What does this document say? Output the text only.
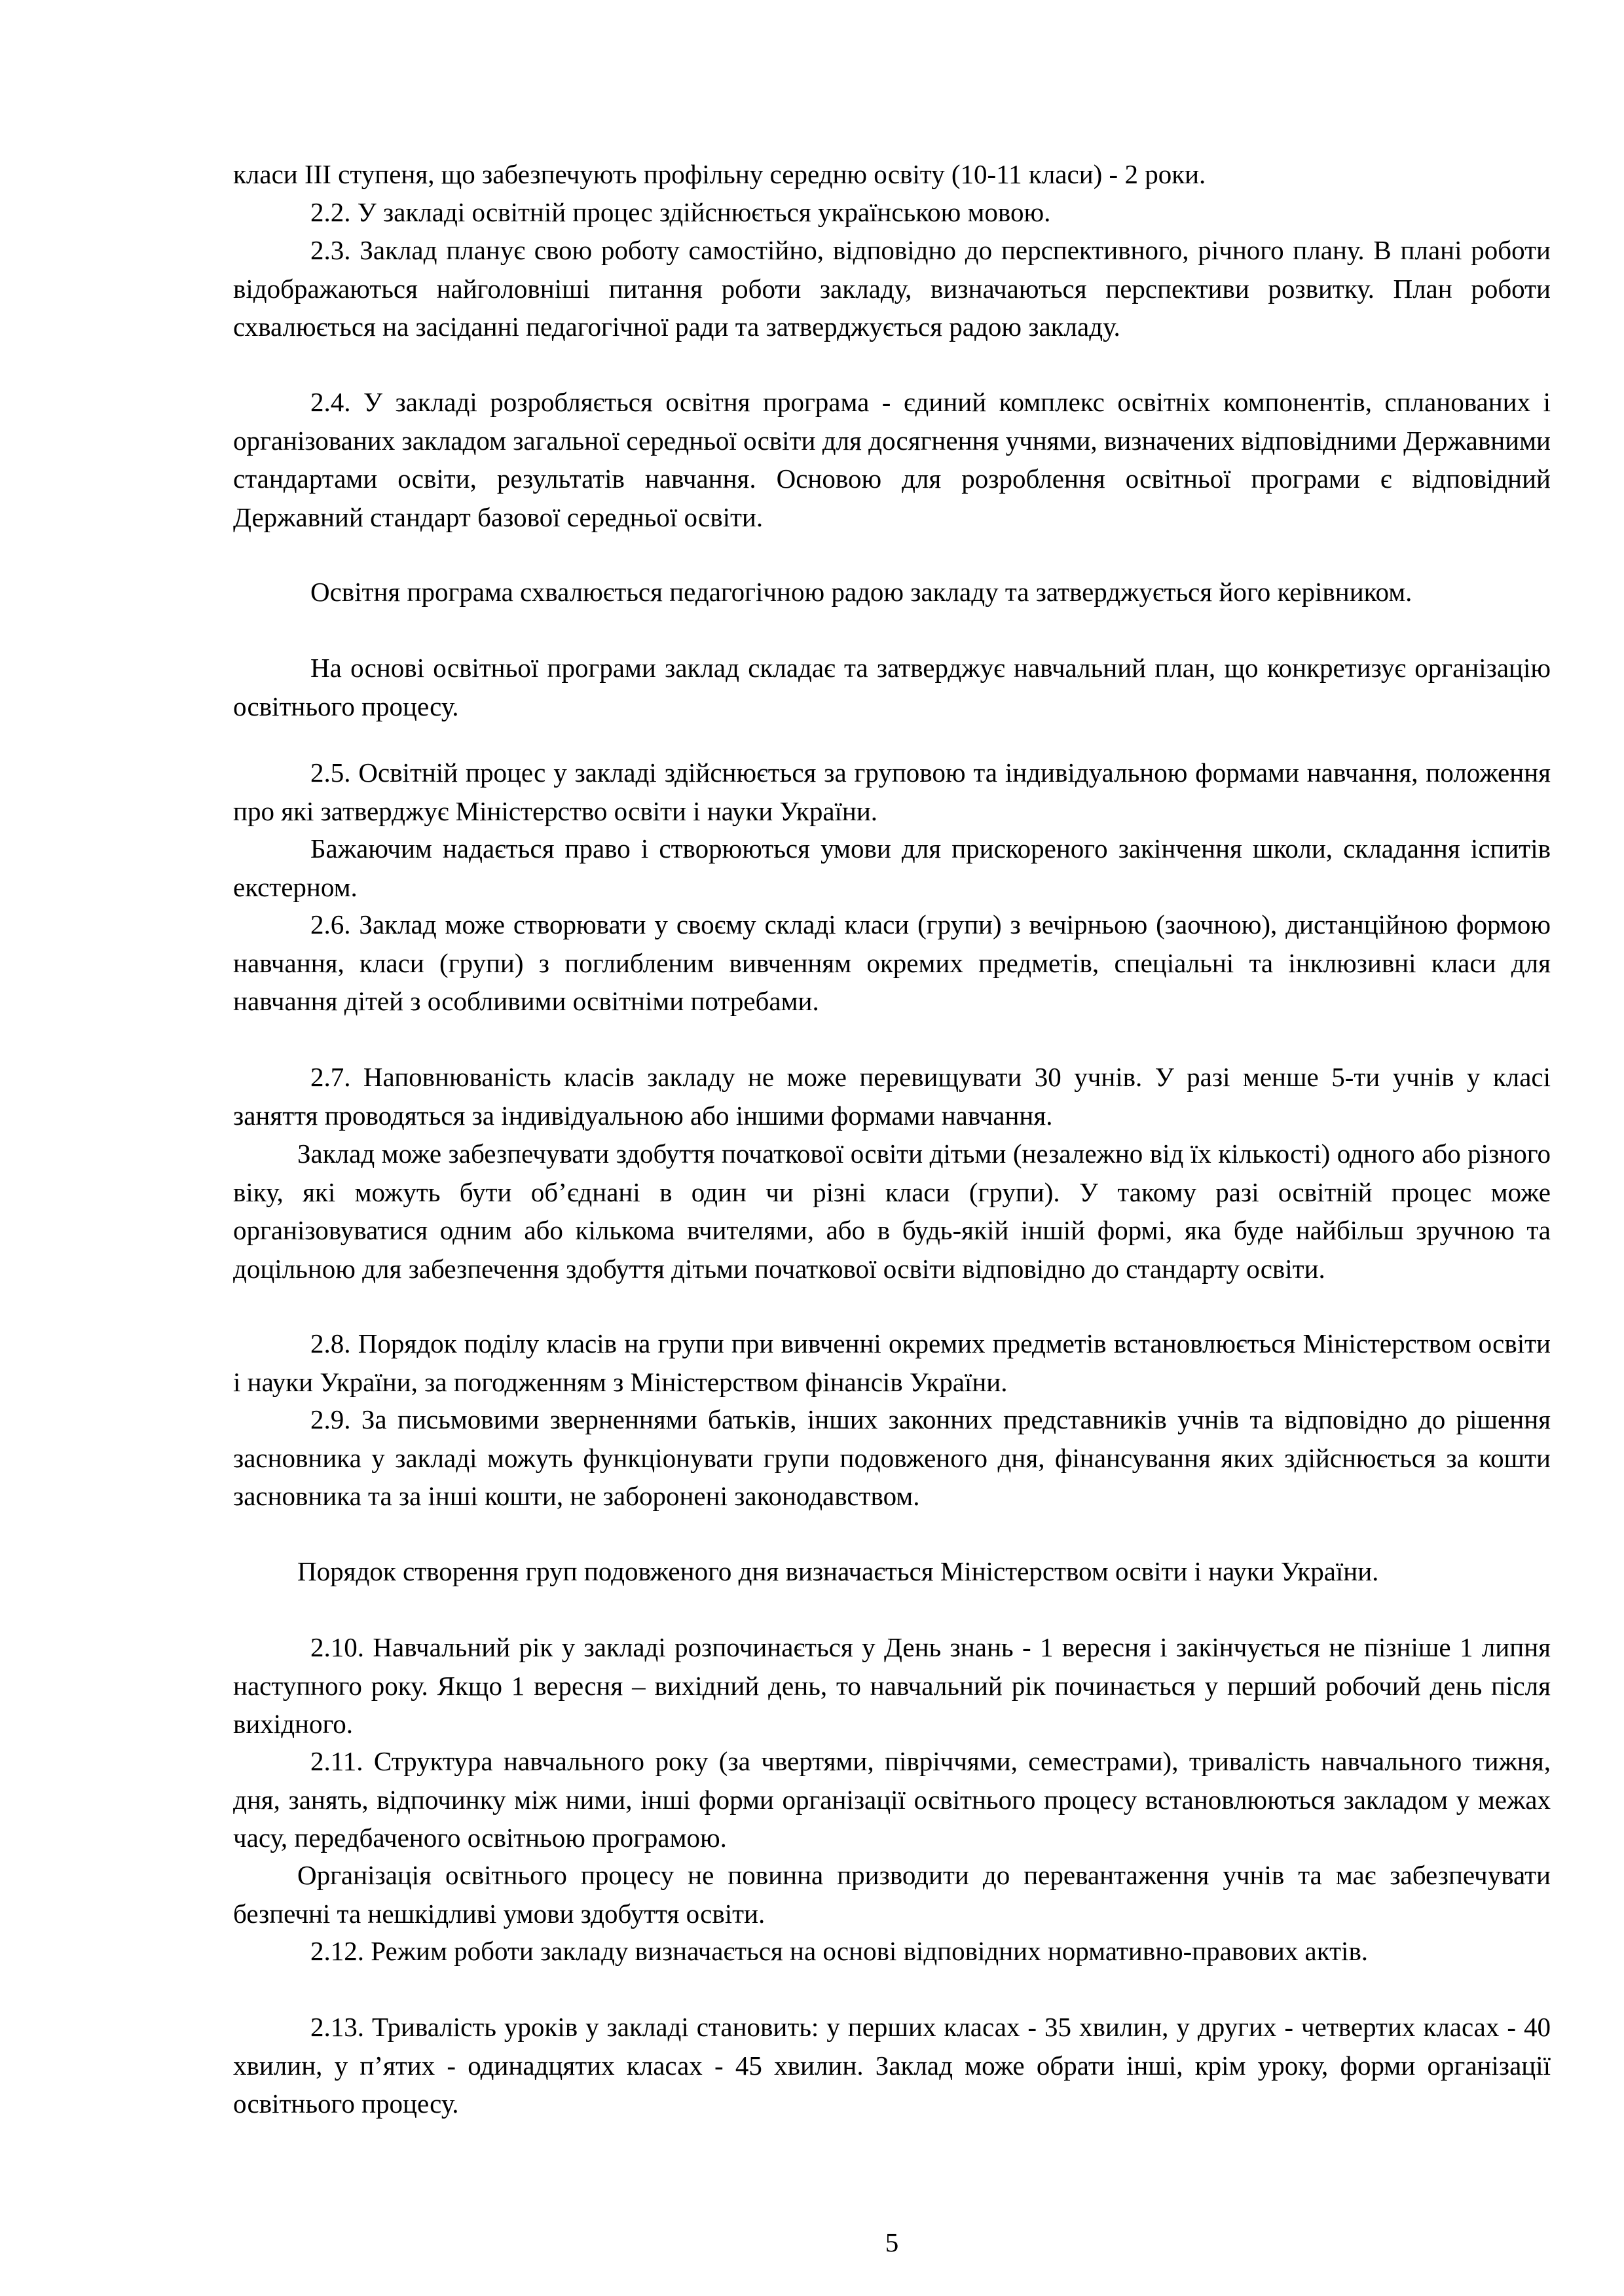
класи ІІІ ступеня, що забезпечують профільну середню освіту (10-11 класи) - 2 роки.

2.2. У закладі освітній процес здійснюється українською мовою.

2.3. Заклад планує свою роботу самостійно, відповідно до перспективного, річного плану. В плані роботи відображаються найголовніші питання роботи закладу, визначаються перспективи розвитку. План роботи схвалюється на засіданні педагогічної ради та затверджується радою закладу.

2.4. У закладі розробляється освітня програма - єдиний комплекс освітніх компонентів, спланованих і організованих закладом загальної середньої освіти для досягнення учнями, визначених відповідними Державними стандартами освіти, результатів навчання. Основою для розроблення освітньої програми є відповідний Державний стандарт базової середньої освіти.

Освітня програма схвалюється педагогічною радою закладу та затверджується його керівником.

На основі освітньої програми заклад складає та затверджує навчальний план, що конкретизує організацію освітнього процесу.

2.5. Освітній процес у закладі здійснюється за груповою та індивідуальною формами навчання, положення про які затверджує Міністерство освіти і науки України.

Бажаючим надається право і створюються умови для прискореного закінчення школи, складання іспитів екстерном.

2.6. Заклад може створювати у своєму складі класи (групи) з вечірньою (заочною), дистанційною формою навчання, класи (групи) з поглибленим вивченням окремих предметів, спеціальні та інклюзивні класи для навчання дітей з особливими освітніми потребами.

2.7. Наповнюваність класів закладу не може перевищувати 30 учнів. У разі менше 5-ти учнів у класі заняття проводяться за індивідуальною або іншими формами навчання.

Заклад може забезпечувати здобуття початкової освіти дітьми (незалежно від їх кількості) одного або різного віку, які можуть бути об’єднані в один чи різні класи (групи). У такому разі освітній процес може організовуватися одним або кількома вчителями, або в будь-якій іншій формі, яка буде найбільш зручною та доцільною для забезпечення здобуття дітьми початкової освіти відповідно до стандарту освіти.

2.8. Порядок поділу класів на групи при вивченні окремих предметів встановлюється Міністерством освіти і науки України, за погодженням з Міністерством фінансів України.

2.9. За письмовими зверненнями батьків, інших законних представників учнів та відповідно до рішення засновника у закладі можуть функціонувати групи подовженого дня, фінансування яких здійснюється за кошти засновника та за інші кошти, не заборонені законодавством.

Порядок створення груп подовженого дня визначається Міністерством освіти і науки України.

2.10. Навчальний рік у закладі розпочинається у День знань - 1 вересня і закінчується не пізніше 1 липня наступного року. Якщо 1 вересня – вихідний день, то навчальний рік починається у перший робочий день після вихідного.

2.11. Структура навчального року (за чвертями, півріччями, семестрами), тривалість навчального тижня, дня, занять, відпочинку між ними, інші форми організації освітнього процесу встановлюються закладом у межах часу, передбаченого освітньою програмою.

Організація освітнього процесу не повинна призводити до перевантаження учнів та має забезпечувати безпечні та нешкідливі умови здобуття освіти.

2.12. Режим роботи закладу визначається на основі відповідних нормативно-правових актів.

2.13. Тривалість уроків у закладі становить: у перших класах - 35 хвилин, у других - четвертих класах - 40 хвилин, у п’ятих - одинадцятих класах - 45 хвилин. Заклад може обрати інші, крім уроку, форми організації освітнього процесу.

5
